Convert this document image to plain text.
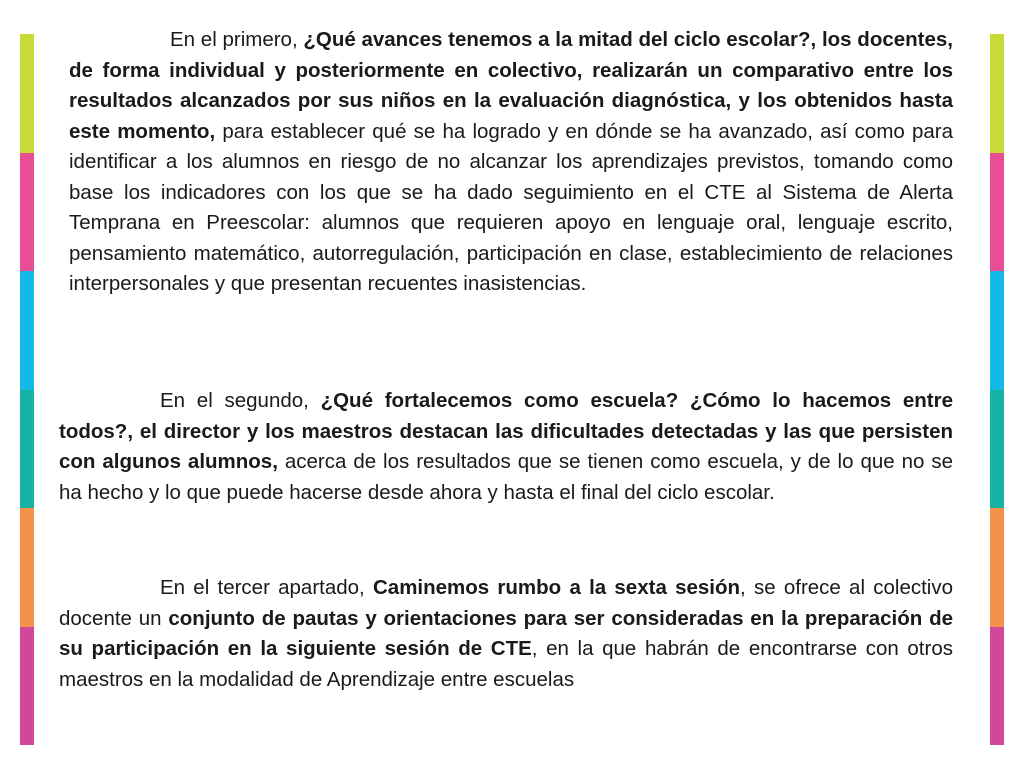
En el primero, ¿Qué avances tenemos a la mitad del ciclo escolar?, los docentes, de forma individual y posteriormente en colectivo, realizarán un comparativo entre los resultados alcanzados por sus niños en la evaluación diagnóstica, y los obtenidos hasta este momento, para establecer qué se ha logrado y en dónde se ha avanzado, así como para identificar a los alumnos en riesgo de no alcanzar los aprendizajes previstos, tomando como base los indicadores con los que se ha dado seguimiento en el CTE al Sistema de Alerta Temprana en Preescolar: alumnos que requieren apoyo en lenguaje oral, lenguaje escrito, pensamiento matemático, autorregulación, participación en clase, establecimiento de relaciones interpersonales y que presentan recuentes inasistencias.

En el segundo, ¿Qué fortalecemos como escuela? ¿Cómo lo hacemos entre todos?, el director y los maestros destacan las dificultades detectadas y las que persisten con algunos alumnos, acerca de los resultados que se tienen como escuela, y de lo que no se ha hecho y lo que puede hacerse desde ahora y hasta el final del ciclo escolar.

En el tercer apartado, Caminemos rumbo a la sexta sesión, se ofrece al colectivo docente un conjunto de pautas y orientaciones para ser consideradas en la preparación de su participación en la siguiente sesión de CTE, en la que habrán de encontrarse con otros maestros en la modalidad de Aprendizaje entre escuelas
